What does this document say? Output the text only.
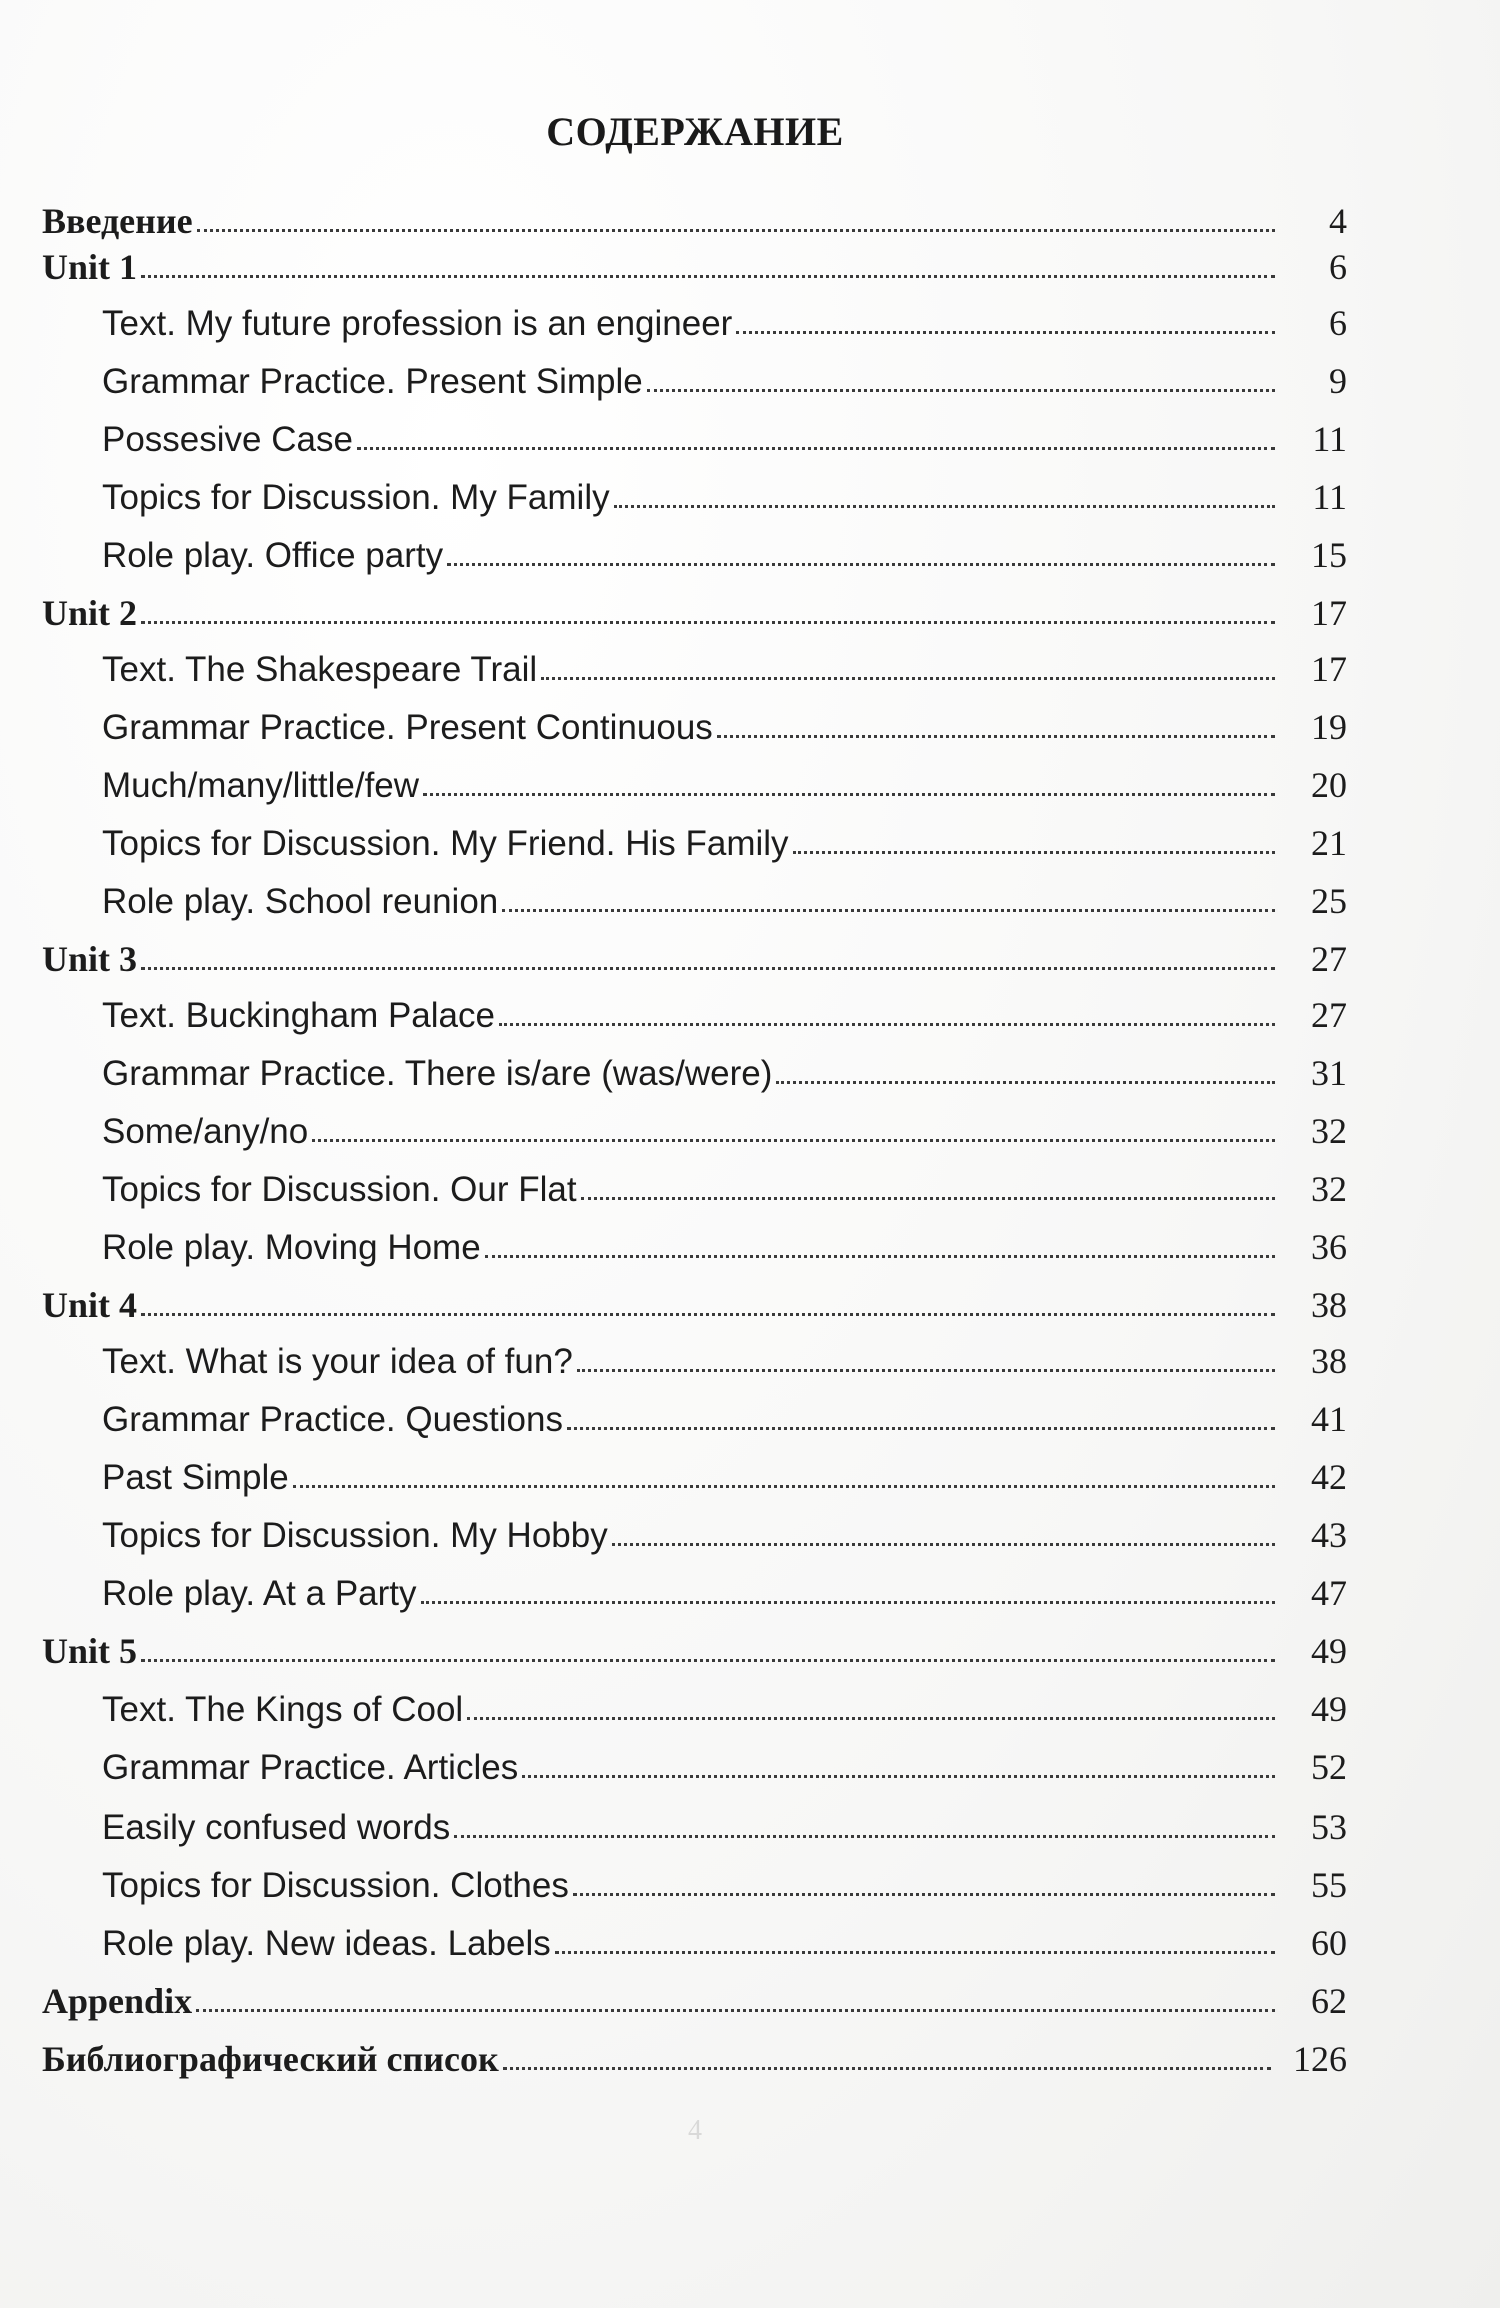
СОДЕРЖАНИЕ
Введение	4
Unit 1	6
Text. My future profession is an engineer	6
Grammar Practice. Present Simple	9
Possesive Case	11
Topics for Discussion. My Family	11
Role play. Office party	15
Unit 2	17
Text. The Shakespeare Trail	17
Grammar Practice. Present Continuous	19
Much/many/little/few	20
Topics for Discussion. My Friend. His Family	21
Role play. School reunion	25
Unit 3	27
Text. Buckingham Palace	27
Grammar Practice. There is/are (was/were)	31
Some/any/no	32
Topics for Discussion. Our Flat	32
Role play. Moving Home	36
Unit 4	38
Text. What is your idea of fun?	38
Grammar Practice. Questions	41
Past Simple	42
Topics for Discussion. My Hobby	43
Role play. At a Party	47
Unit 5	49
Text. The Kings of Cool	49
Grammar Practice. Articles	52
Easily confused words	53
Topics for Discussion. Clothes	55
Role play. New ideas. Labels	60
Appendix	62
Библиографический список	126
4
